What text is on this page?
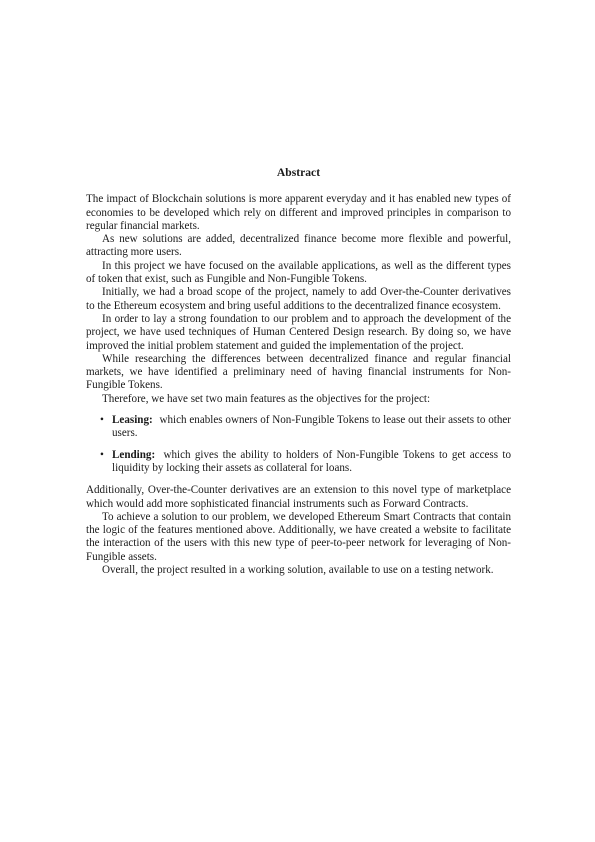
Abstract

The impact of Blockchain solutions is more apparent everyday and it has enabled new types of economies to be developed which rely on different and improved principles in comparison to regular financial markets.

As new solutions are added, decentralized finance become more flexible and powerful, attracting more users.

In this project we have focused on the available applications, as well as the different types of token that exist, such as Fungible and Non-Fungible Tokens.

Initially, we had a broad scope of the project, namely to add Over-the-Counter derivatives to the Ethereum ecosystem and bring useful additions to the decentralized finance ecosystem.

In order to lay a strong foundation to our problem and to approach the development of the project, we have used techniques of Human Centered Design research. By doing so, we have improved the initial problem statement and guided the implementation of the project.

While researching the differences between decentralized finance and regular financial markets, we have identified a preliminary need of having financial instruments for Non-Fungible Tokens.

Therefore, we have set two main features as the objectives for the project:

• Leasing: which enables owners of Non-Fungible Tokens to lease out their assets to other users.
• Lending: which gives the ability to holders of Non-Fungible Tokens to get access to liquidity by locking their assets as collateral for loans.

Additionally, Over-the-Counter derivatives are an extension to this novel type of marketplace which would add more sophisticated financial instruments such as Forward Contracts.

To achieve a solution to our problem, we developed Ethereum Smart Contracts that contain the logic of the features mentioned above. Additionally, we have created a website to facilitate the interaction of the users with this new type of peer-to-peer network for leveraging of Non-Fungible assets.

Overall, the project resulted in a working solution, available to use on a testing network.
